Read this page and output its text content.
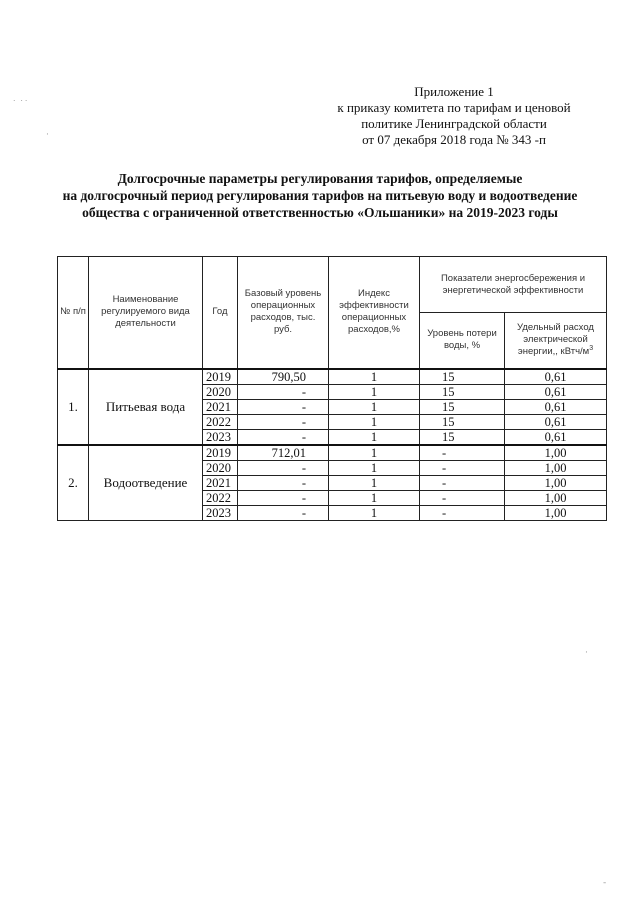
˙ ˙˙
·
Приложение 1
к приказу комитета по тарифам и ценовой
политике Ленинградской области
от 07 декабря 2018 года № 343 -п
Долгосрочные параметры регулирования тарифов, определяемые
на долгосрочный период регулирования тарифов на питьевую воду и водоотведение
общества с ограниченной ответственностью «Ольшаники» на 2019-2023 годы
№ п/п	Наименование регулируемого вида деятельности	Год	Базовый уровень операционных расходов, тыс. руб.	Индекс эффективности операционных расходов,%	Показатели энергосбережения и энергетической эффективности	
					Уровень потери воды, %	Удельный расход электрической энергии,, кВтч/$м^3$
1.	Питьевая вода	2019	790,50	1	15	0,61
		2020	-	1	15	0,61
		2021	-	1	15	0,61
		2022	-	1	15	0,61
		2023	-	1	15	0,61
2.	Водоотведение	2019	712,01	1	-	1,00
		2020	-	1	-	1,00
		2021	-	1	-	1,00
		2022	-	1	-	1,00
		2023	-	1	-	1,00
·
-
